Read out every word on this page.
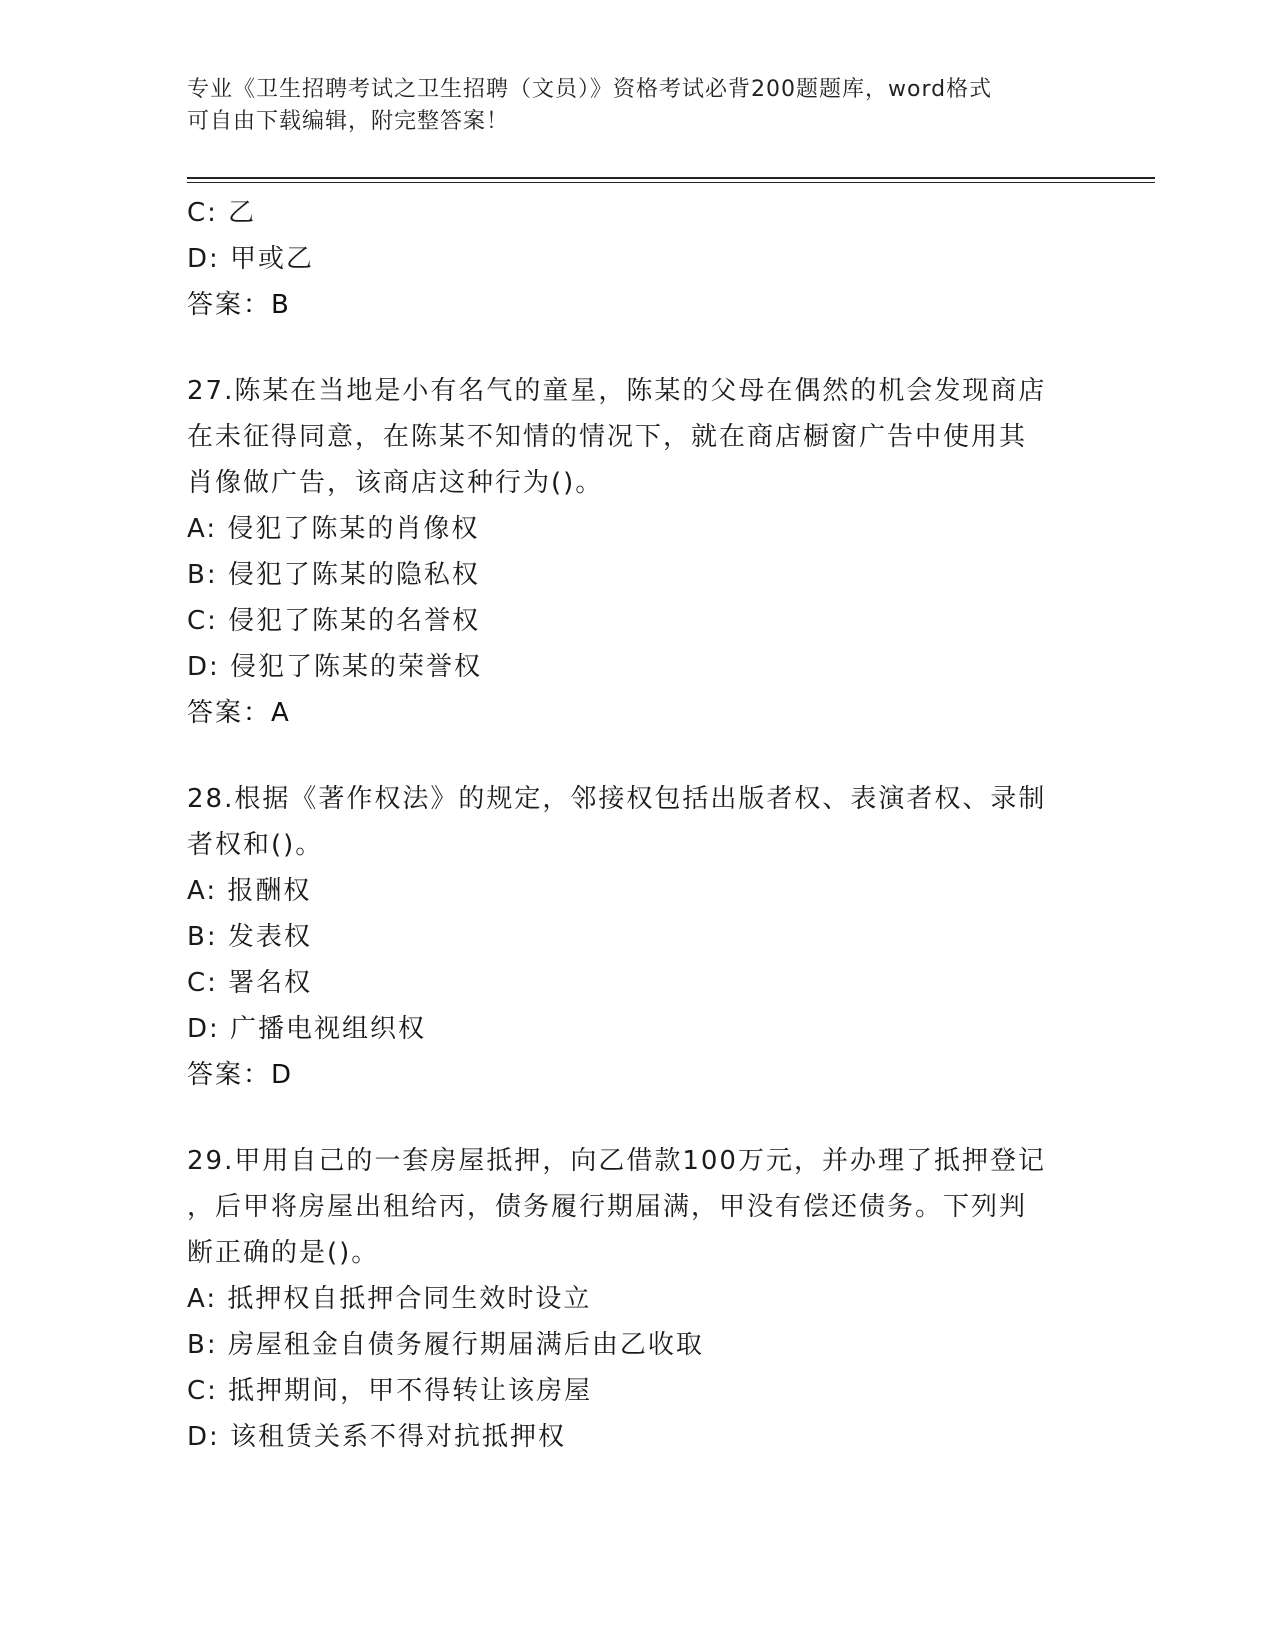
专业《卫生招聘考试之卫生招聘（文员）》资格考试必背200题题库，word格式
可自由下载编辑，附完整答案！
C: 乙
D: 甲或乙
答案：B
27.陈某在当地是小有名气的童星，陈某的父母在偶然的机会发现商店
在未征得同意，在陈某不知情的情况下，就在商店橱窗广告中使用其
肖像做广告，该商店这种行为()。
A: 侵犯了陈某的肖像权
B: 侵犯了陈某的隐私权
C: 侵犯了陈某的名誉权
D: 侵犯了陈某的荣誉权
答案：A
28.根据《著作权法》的规定，邻接权包括出版者权、表演者权、录制
者权和()。
A: 报酬权
B: 发表权
C: 署名权
D: 广播电视组织权
答案：D
29.甲用自己的一套房屋抵押，向乙借款100万元，并办理了抵押登记
，后甲将房屋出租给丙，债务履行期届满，甲没有偿还债务。下列判
断正确的是()。
A: 抵押权自抵押合同生效时设立
B: 房屋租金自债务履行期届满后由乙收取
C: 抵押期间，甲不得转让该房屋
D: 该租赁关系不得对抗抵押权
